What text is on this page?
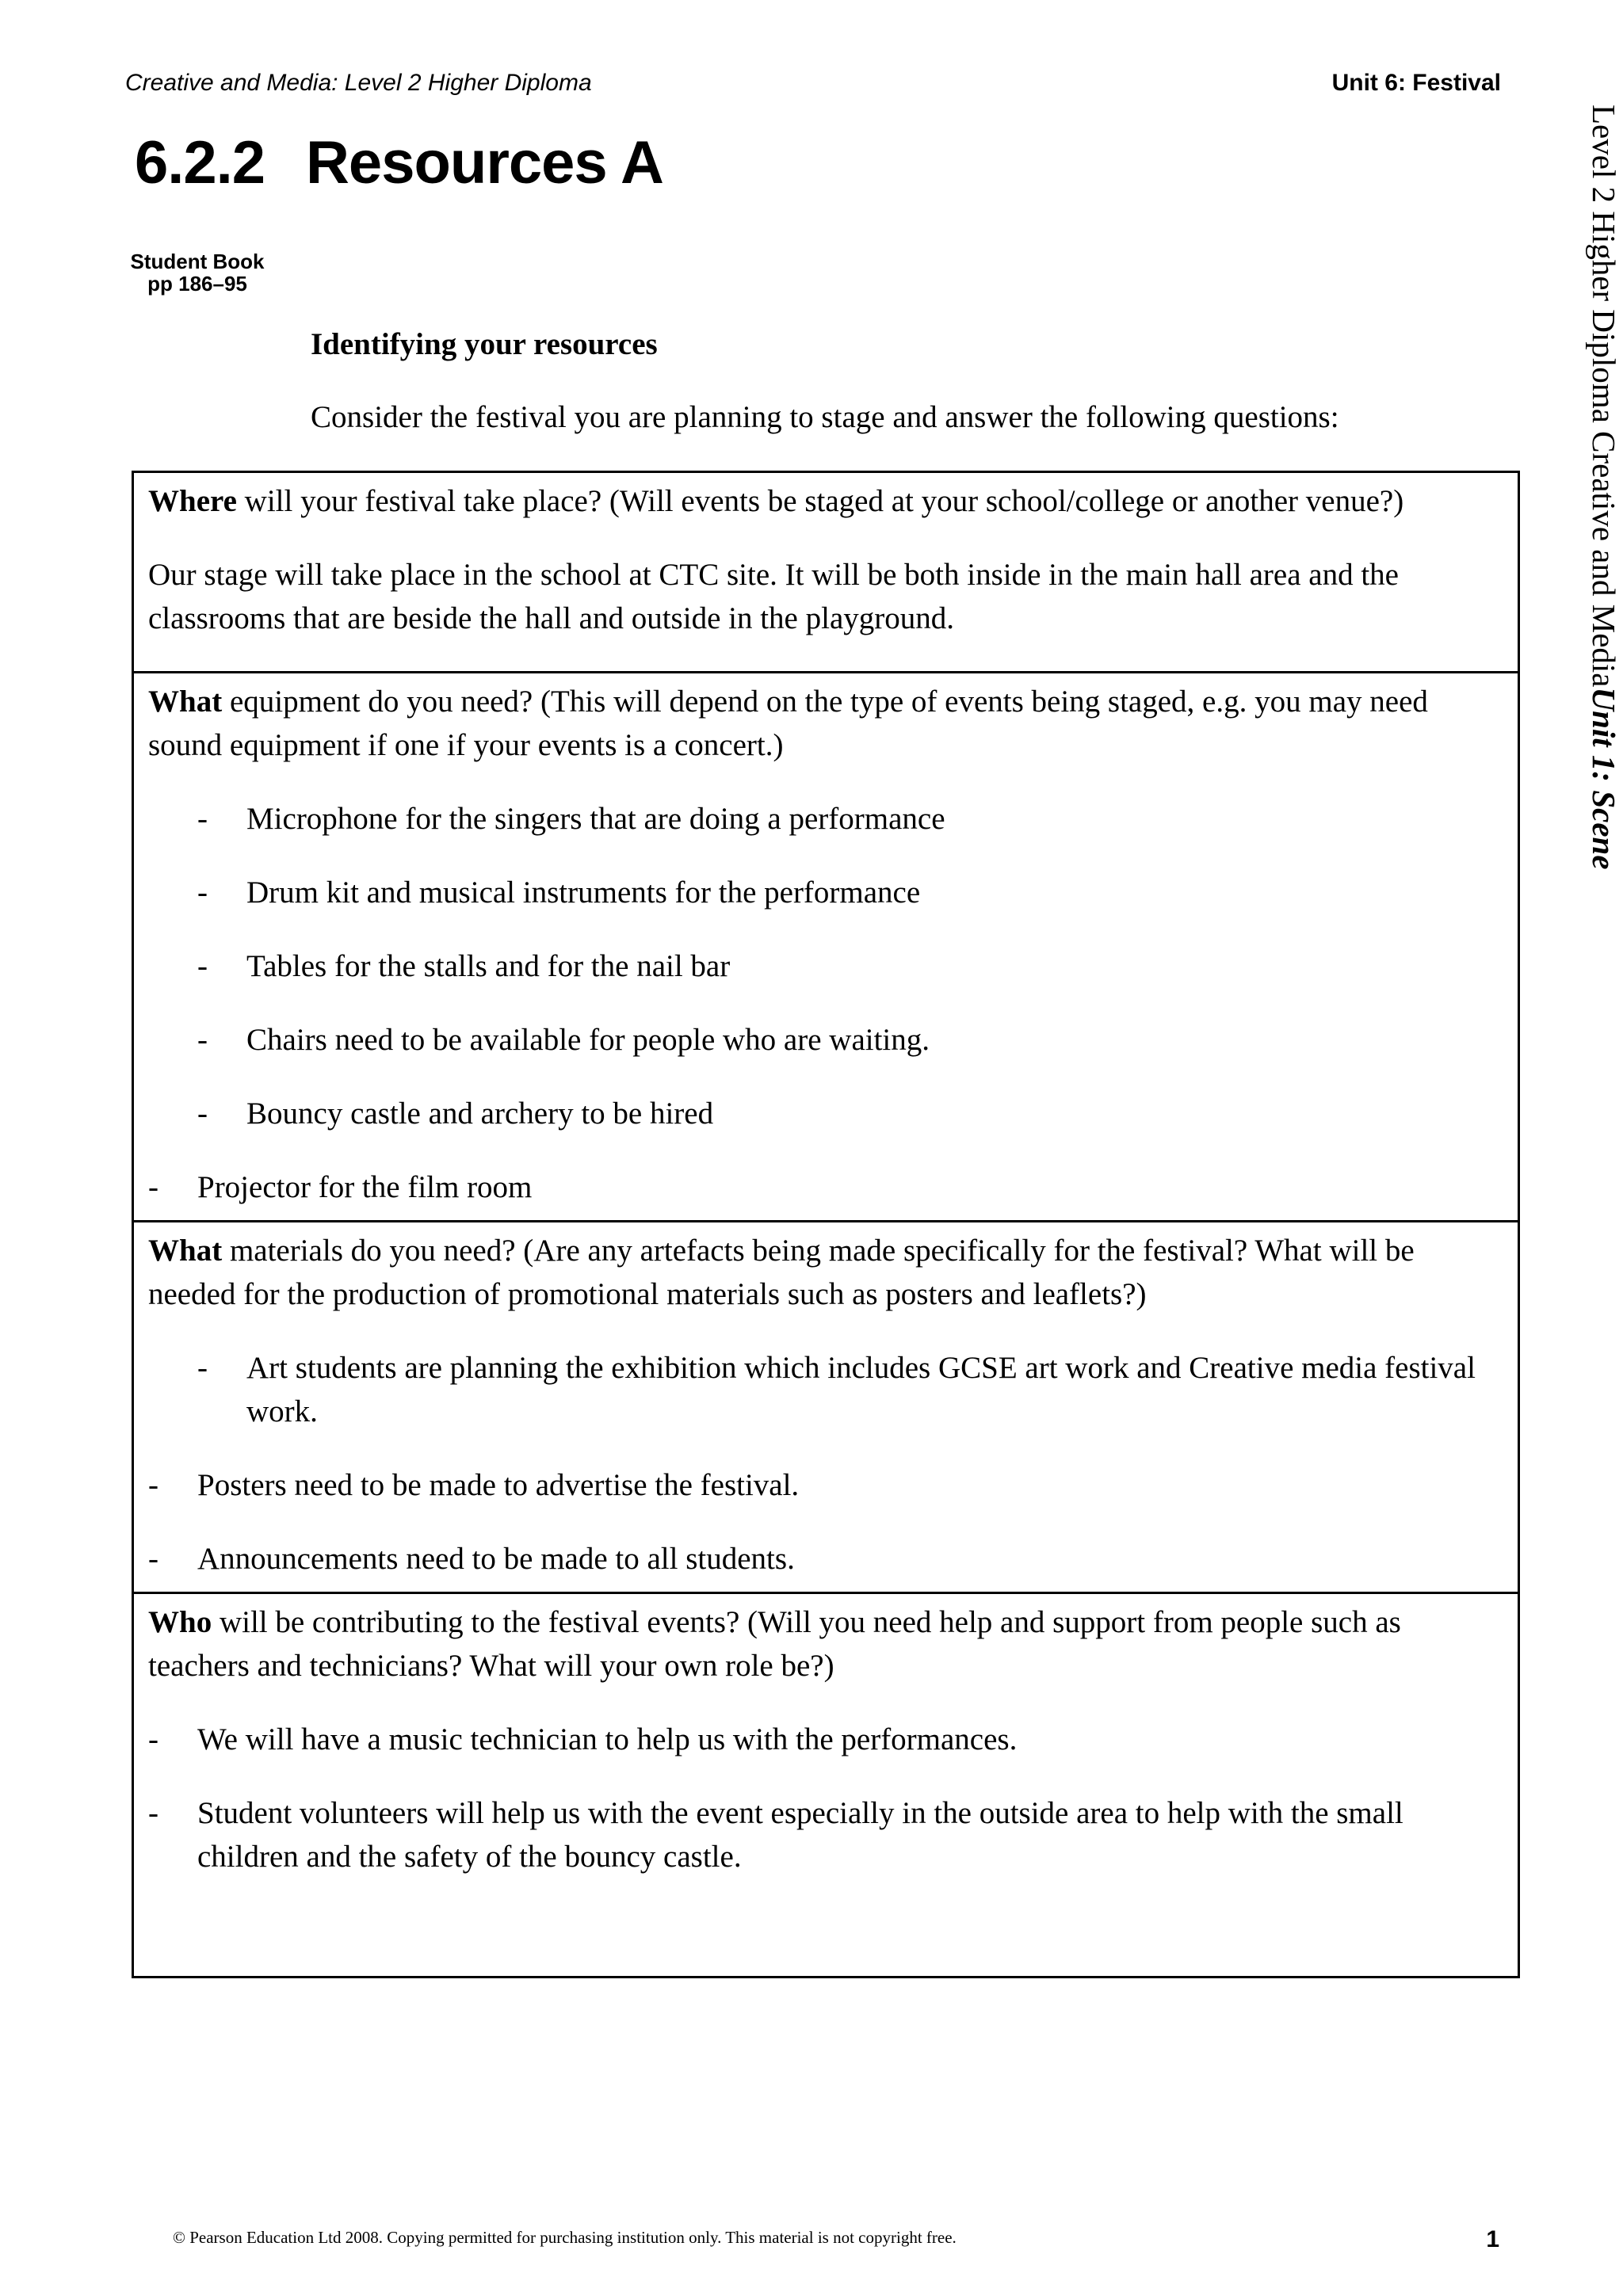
Creative and Media: Level 2 Higher Diploma	Unit 6: Festival
6.2.2 Resources A
Student Book
pp 186–95
Identifying your resources
Consider the festival you are planning to stage and answer the following questions:	Level 2 Higher Diploma Creative and MediaUnit 1: Scene
Where will your festival take place? (Will events be staged at your school/college or another venue?)
Our stage will take place in the school at CTC site. It will be both inside in the main hall area and the classrooms that are beside the hall and outside in the playground.

What equipment do you need? (This will depend on the type of events being staged, e.g. you may need sound equipment if one if your events is a concert.)
-	Microphone for the singers that are doing a performance
-	Drum kit and musical instruments for the performance
-	Tables for the stalls and for the nail bar
-	Chairs need to be available for people who are waiting.
-	Bouncy castle and archery to be hired
-	Projector for the film room

What materials do you need? (Are any artefacts being made specifically for the festival? What will be needed for the production of promotional materials such as posters and leaflets?)
-	Art students are planning the exhibition which includes GCSE art work and Creative media festival work.
-	Posters need to be made to advertise the festival.
-	Announcements need to be made to all students.

Who will be contributing to the festival events? (Will you need help and support from people such as teachers and technicians? What will your own role be?)
-	We will have a music technician to help us with the performances.
-	Student volunteers will help us with the event especially in the outside area to help with the small children and the safety of the bouncy castle.
© Pearson Education Ltd 2008. Copying permitted for purchasing institution only. This material is not copyright free.	1
